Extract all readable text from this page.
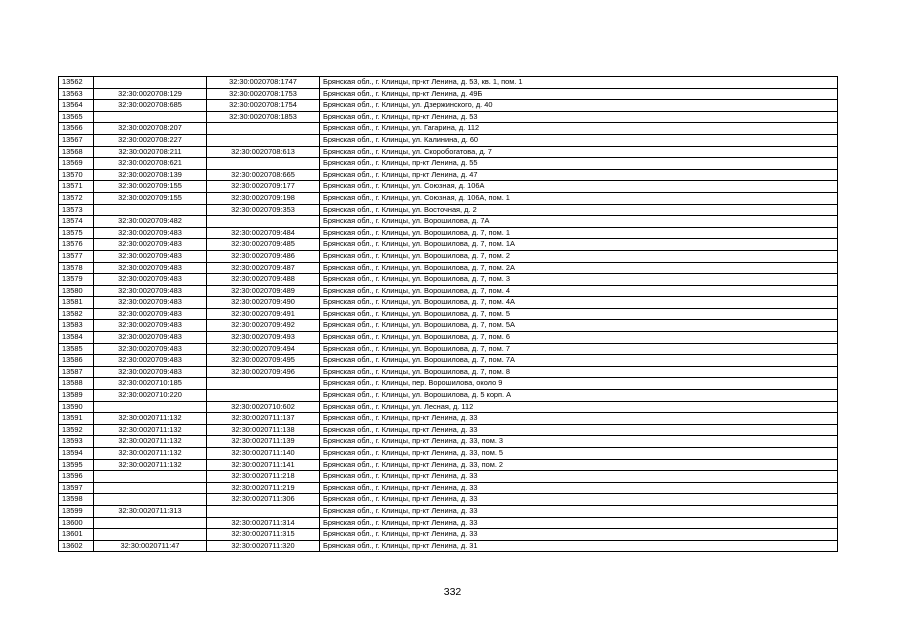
13562		32:30:0020708:1747	Брянская обл., г. Клинцы, пр-кт Ленина, д. 53, кв. 1, пом. 1
13563	32:30:0020708:129	32:30:0020708:1753	Брянская обл., г. Клинцы, пр-кт Ленина, д. 49Б
13564	32:30:0020708:685	32:30:0020708:1754	Брянская обл., г. Клинцы, ул. Дзержинского, д. 40
13565		32:30:0020708:1853	Брянская обл., г. Клинцы, пр-кт Ленина, д. 53
13566	32:30:0020708:207		Брянская обл., г. Клинцы, ул. Гагарина, д. 112
13567	32:30:0020708:227		Брянская обл., г. Клинцы, ул. Калинина, д. 60
13568	32:30:0020708:211	32:30:0020708:613	Брянская обл., г. Клинцы, ул. Скоробогатова, д. 7
13569	32:30:0020708:621		Брянская обл., г. Клинцы, пр-кт Ленина, д. 55
13570	32:30:0020708:139	32:30:0020708:665	Брянская обл., г. Клинцы, пр-кт Ленина, д. 47
13571	32:30:0020709:155	32:30:0020709:177	Брянская обл., г. Клинцы, ул. Союзная, д. 106А
13572	32:30:0020709:155	32:30:0020709:198	Брянская обл., г. Клинцы, ул. Союзная, д. 106А, пом. 1
13573		32:30:0020709:353	Брянская обл., г. Клинцы, ул. Восточная, д. 2
13574	32:30:0020709:482		Брянская обл., г. Клинцы, ул. Ворошилова, д. 7А
13575	32:30:0020709:483	32:30:0020709:484	Брянская обл., г. Клинцы, ул. Ворошилова, д. 7, пом. 1
13576	32:30:0020709:483	32:30:0020709:485	Брянская обл., г. Клинцы, ул. Ворошилова, д. 7, пом. 1А
13577	32:30:0020709:483	32:30:0020709:486	Брянская обл., г. Клинцы, ул. Ворошилова, д. 7, пом. 2
13578	32:30:0020709:483	32:30:0020709:487	Брянская обл., г. Клинцы, ул. Ворошилова, д. 7, пом. 2А
13579	32:30:0020709:483	32:30:0020709:488	Брянская обл., г. Клинцы, ул. Ворошилова, д. 7, пом. 3
13580	32:30:0020709:483	32:30:0020709:489	Брянская обл., г. Клинцы, ул. Ворошилова, д. 7, пом. 4
13581	32:30:0020709:483	32:30:0020709:490	Брянская обл., г. Клинцы, ул. Ворошилова, д. 7, пом. 4А
13582	32:30:0020709:483	32:30:0020709:491	Брянская обл., г. Клинцы, ул. Ворошилова, д. 7, пом. 5
13583	32:30:0020709:483	32:30:0020709:492	Брянская обл., г. Клинцы, ул. Ворошилова, д. 7, пом. 5А
13584	32:30:0020709:483	32:30:0020709:493	Брянская обл., г. Клинцы, ул. Ворошилова, д. 7, пом. 6
13585	32:30:0020709:483	32:30:0020709:494	Брянская обл., г. Клинцы, ул. Ворошилова, д. 7, пом. 7
13586	32:30:0020709:483	32:30:0020709:495	Брянская обл., г. Клинцы, ул. Ворошилова, д. 7, пом. 7А
13587	32:30:0020709:483	32:30:0020709:496	Брянская обл., г. Клинцы, ул. Ворошилова, д. 7, пом. 8
13588	32:30:0020710:185		Брянская обл., г. Клинцы, пер. Ворошилова, около 9
13589	32:30:0020710:220		Брянская обл., г. Клинцы, ул. Ворошилова, д. 5 корп. А
13590		32:30:0020710:602	Брянская обл., г. Клинцы, ул. Лесная, д. 112
13591	32:30:0020711:132	32:30:0020711:137	Брянская обл., г. Клинцы, пр-кт Ленина, д. 33
13592	32:30:0020711:132	32:30:0020711:138	Брянская обл., г. Клинцы, пр-кт Ленина, д. 33
13593	32:30:0020711:132	32:30:0020711:139	Брянская обл., г. Клинцы, пр-кт Ленина, д. 33, пом. 3
13594	32:30:0020711:132	32:30:0020711:140	Брянская обл., г. Клинцы, пр-кт Ленина, д. 33, пом. 5
13595	32:30:0020711:132	32:30:0020711:141	Брянская обл., г. Клинцы, пр-кт Ленина, д. 33, пом. 2
13596		32:30:0020711:218	Брянская обл., г. Клинцы, пр-кт Ленина, д. 33
13597		32:30:0020711:219	Брянская обл., г. Клинцы, пр-кт Ленина, д. 33
13598		32:30:0020711:306	Брянская обл., г. Клинцы, пр-кт Ленина, д. 33
13599	32:30:0020711:313		Брянская обл., г. Клинцы, пр-кт Ленина, д. 33
13600		32:30:0020711:314	Брянская обл., г. Клинцы, пр-кт Ленина, д. 33
13601		32:30:0020711:315	Брянская обл., г. Клинцы, пр-кт Ленина, д. 33
13602	32:30:0020711:47	32:30:0020711:320	Брянская обл., г. Клинцы, пр-кт Ленина, д. 31
332
